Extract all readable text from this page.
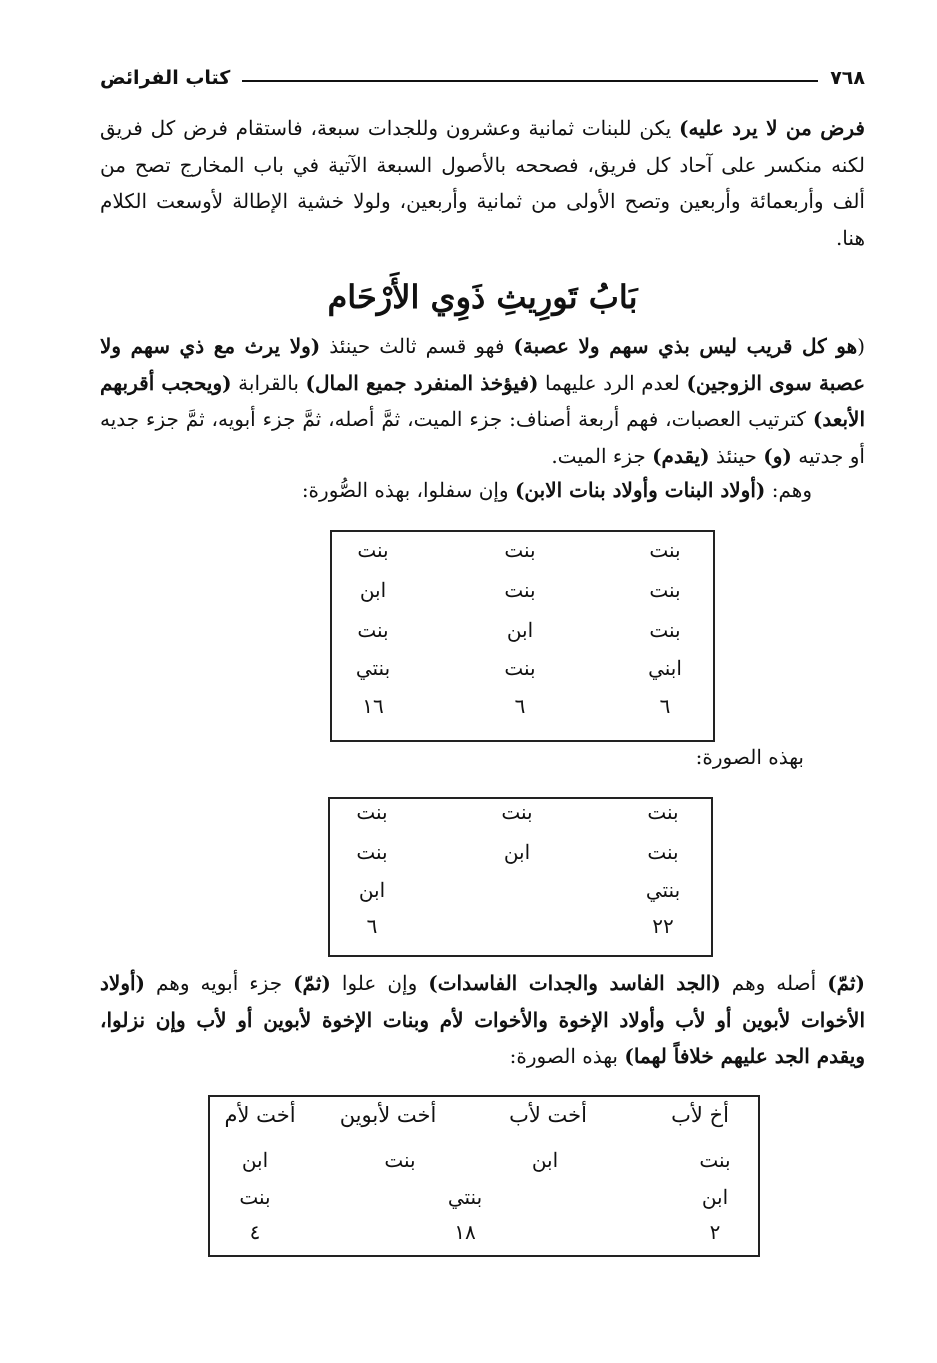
٧٦٨
كتاب الفرائض
فرض من لا يرد عليه) يكن للبنات ثمانية وعشرون وللجدات سبعة، فاستقام فرض كل فريق لكنه منكسر على آحاد كل فريق، فصححه بالأصول السبعة الآتية في باب المخارج تصح من ألف وأربعمائة وأربعين وتصح الأولى من ثمانية وأربعين، ولولا خشية الإطالة لأوسعت الكلام هنا.
بَابُ تَورِيثِ ذَوِي الأَرْحَام
(هو كل قريب ليس بذي سهم ولا عصبة) فهو قسم ثالث حينئذ (ولا يرث مع ذي سهم ولا عصبة سوى الزوجين) لعدم الرد عليهما (فيؤخذ المنفرد جميع المال) بالقرابة (ويحجب أقربهم الأبعد) كترتيب العصبات، فهم أربعة أصناف: جزء الميت، ثمَّ أصله، ثمَّ جزء أبويه، ثمَّ جزء جديه أو جدتيه (و) حينئذ (يقدم) جزء الميت.
وهم: (أولاد البنات وأولاد بنات الابن) وإن سفلوا، بهذه الصُّورة:
بنت
بنت
بنت
ابني
٦
بنت
بنت
ابن
بنت
٦
بنت
ابن
بنت
بنتي
١٦
بهذه الصورة:
بنت
بنت
بنتي
٢٢
بنت
ابن
بنت
بنت
ابن
٦
(ثمّ) أصله وهم (الجد الفاسد والجدات الفاسدات) وإن علوا (ثمّ) جزء أبويه وهم (أولاد الأخوات لأبوين أو لأب وأولاد الإخوة والأخوات لأم وبنات الإخوة لأبوين أو لأب وإن نزلوا، ويقدم الجد عليهم خلافاً لهما) بهذه الصورة:
أخ لأب
أخت لأب
أخت لأبوين
أخت لأم
بنت
ابن
بنت
ابن
ابن
بنتي
بنت
٢
١٨
٤
